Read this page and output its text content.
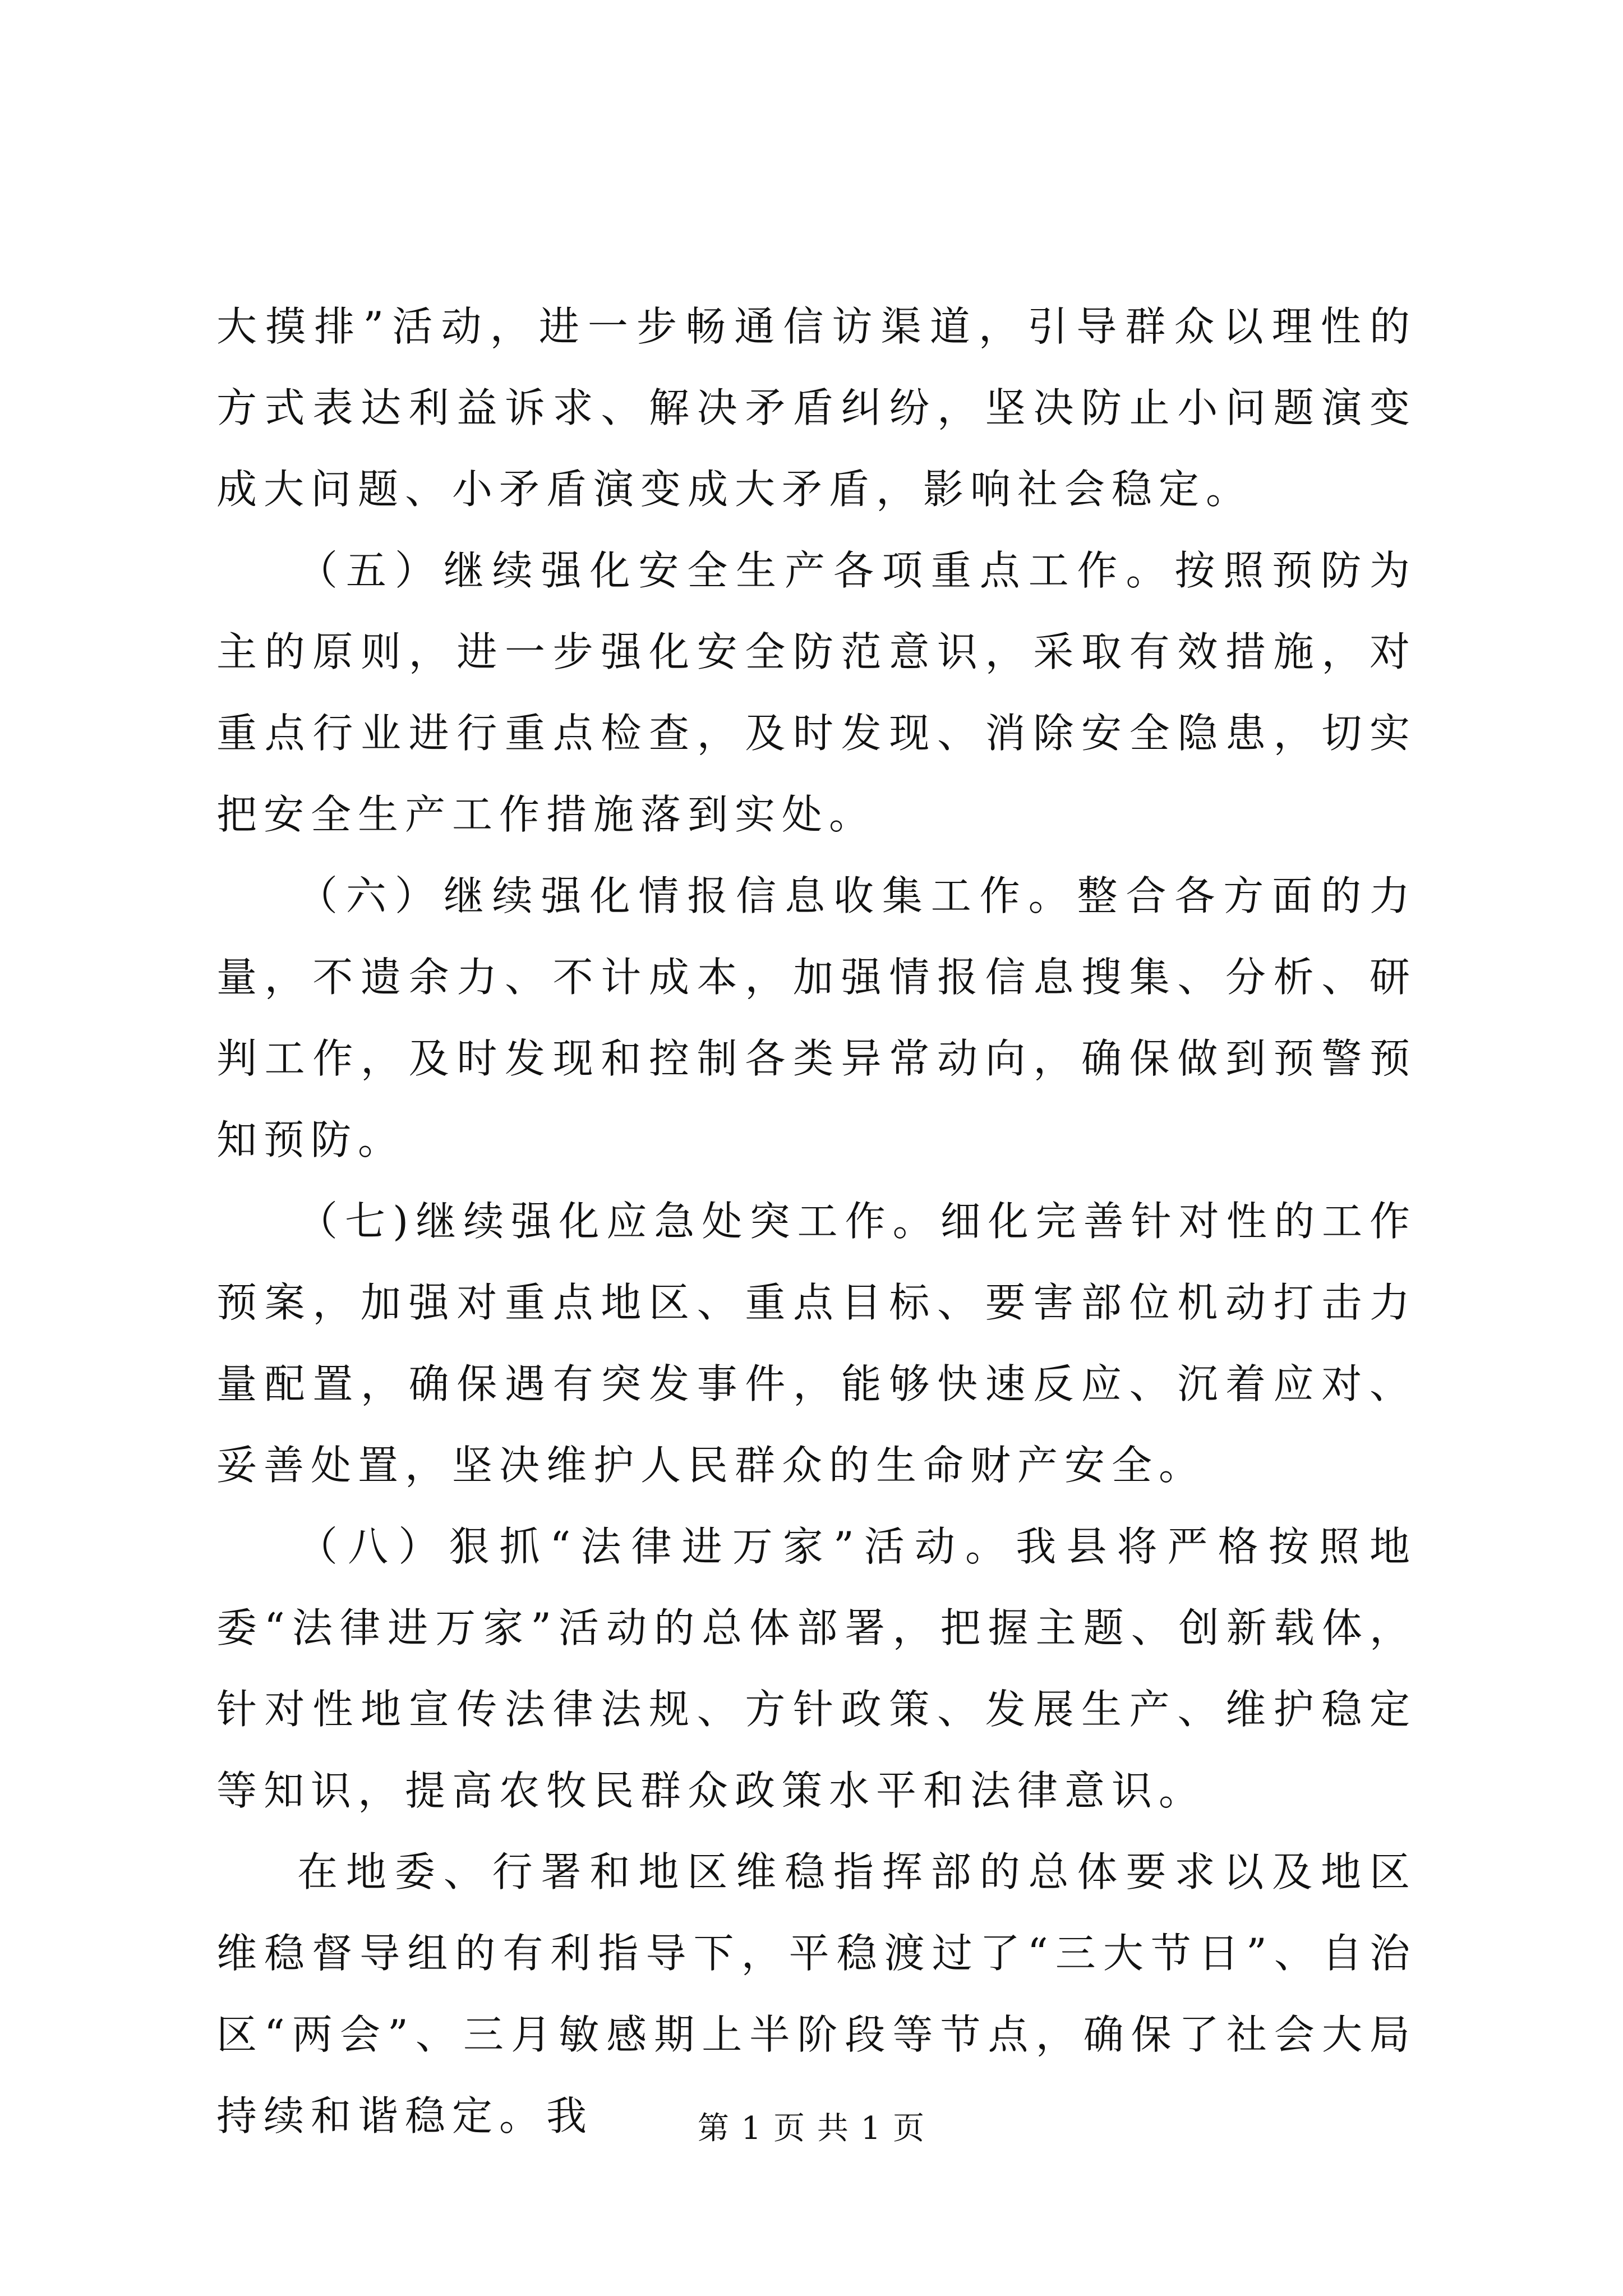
大摸排”活动，进一步畅通信访渠道，引导群众以理性的方式表达利益诉求、解决矛盾纠纷，坚决防止小问题演变成大问题、小矛盾演变成大矛盾，影响社会稳定。

（五）继续强化安全生产各项重点工作。按照预防为主的原则，进一步强化安全防范意识，采取有效措施，对重点行业进行重点检查，及时发现、消除安全隐患，切实把安全生产工作措施落到实处。

（六）继续强化情报信息收集工作。整合各方面的力量，不遗余力、不计成本，加强情报信息搜集、分析、研判工作，及时发现和控制各类异常动向，确保做到预警预知预防。

（七)继续强化应急处突工作。细化完善针对性的工作预案，加强对重点地区、重点目标、要害部位机动打击力量配置，确保遇有突发事件，能够快速反应、沉着应对、妥善处置，坚决维护人民群众的生命财产安全。

（八）狠抓“法律进万家”活动。我县将严格按照地委“法律进万家”活动的总体部署，把握主题、创新载体，针对性地宣传法律法规、方针政策、发展生产、维护稳定等知识，提高农牧民群众政策水平和法律意识。

在地委、行署和地区维稳指挥部的总体要求以及地区维稳督导组的有利指导下，平稳渡过了“三大节日”、自治区“两会”、三月敏感期上半阶段等节点，确保了社会大局持续和谐稳定。我	第 1 页 共 1 页
